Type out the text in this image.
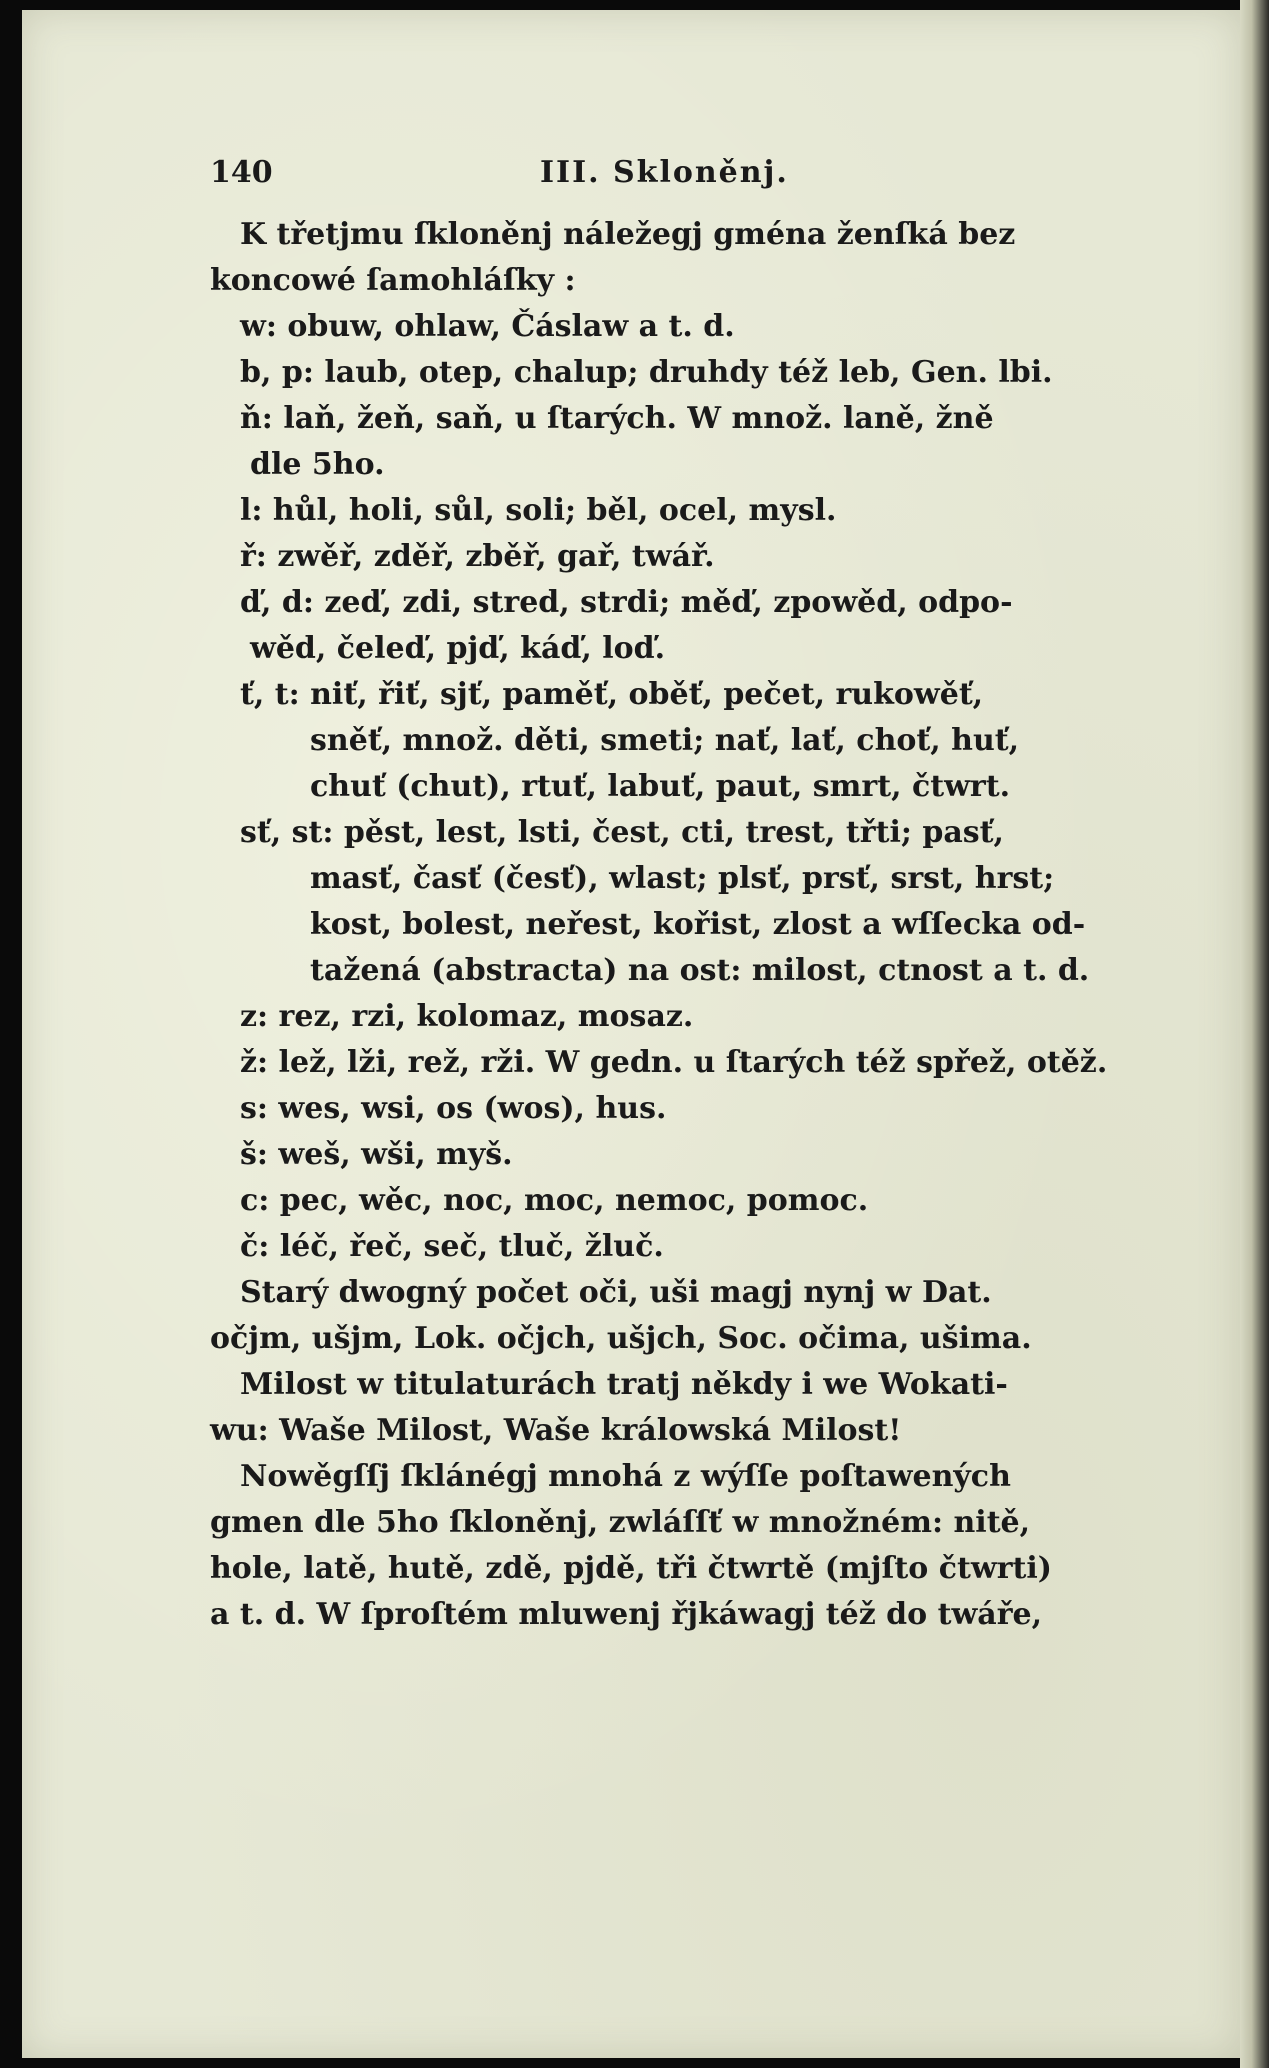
140	III. Skloněnj.
K třetjmu ſkloněnj náležegj gména ženſká bez
koncowé ſamohláſky :
w: obuw, ohlaw, Čáslaw a t. d.
b, p: laub, otep, chalup; druhdy též leb, Gen. lbi.
ň: laň, žeň, saň, u ſtarých. W množ. laně, žně
dle 5ho.
l: hůl, holi, sůl, soli; běl, ocel, mysl.
ř: zwěř, zděř, zběř, gař, twář.
ď, d: zeď, zdi, stred, strdi; měď, zpowěd, odpo-
wěd, čeleď, pjď, káď, loď.
ť, t: niť, řiť, sjť, paměť, oběť, pečet, rukowěť,
sněť, množ. děti, smeti; nať, lať, choť, huť,
chuť (chut), rtuť, labuť, paut, smrt, čtwrt.
sť, st: pěst, lest, lsti, čest, cti, trest, třti; pasť,
masť, časť (česť), wlast; plsť, prsť, srst, hrst;
kost, bolest, neřest, kořist, zlost a wſſecka od-
tažená (abstracta) na ost: milost, ctnost a t. d.
z: rez, rzi, kolomaz, mosaz.
ž: lež, lži, rež, rži. W gedn. u ſtarých též spřež, otěž.
s: wes, wsi, os (wos), hus.
š: weš, wši, myš.
c: pec, wěc, noc, moc, nemoc, pomoc.
č: léč, řeč, seč, tluč, žluč.
Starý dwogný počet oči, uši magj nynj w Dat.
očjm, ušjm, Lok. očjch, ušjch, Soc. očima, ušima.
Milost w titulaturách tratj někdy i we Wokati-
wu: Waše Milost, Waše králowská Milost!
Nowěgſſj ſklánégj mnohá z wýſſe poſtawených
gmen dle 5ho ſkloněnj, zwláſſť w množném: nitě,
hole, latě, hutě, zdě, pjdě, tři čtwrtě (mjſto čtwrti)
a t. d. W ſproſtém mluwenj řjkáwagj též do twáře,
